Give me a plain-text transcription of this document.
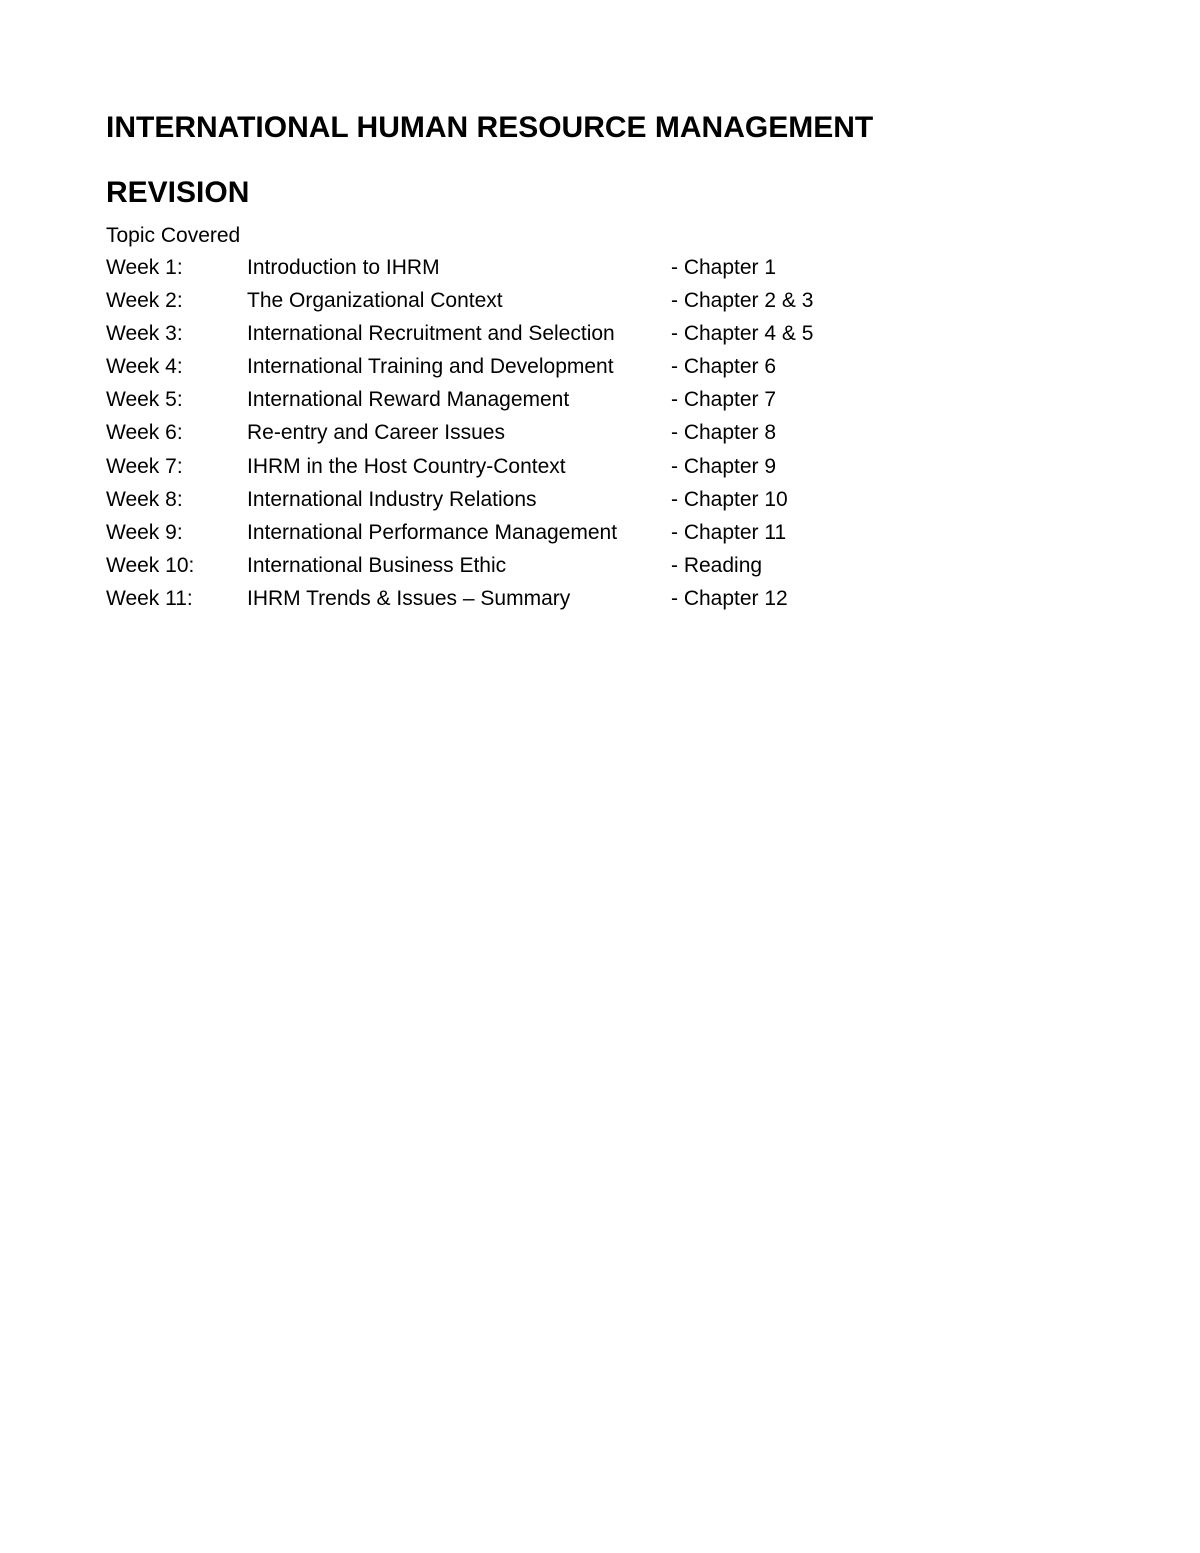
INTERNATIONAL HUMAN RESOURCE MANAGEMENT
REVISION
Topic Covered
Week 1:	Introduction to IHRM	- Chapter 1
Week 2:	The Organizational Context	- Chapter 2 & 3
Week 3:	International Recruitment and Selection	- Chapter 4 & 5
Week 4:	International Training and Development	- Chapter 6
Week 5:	International Reward Management	- Chapter 7
Week 6:	Re-entry and Career Issues	- Chapter 8
Week 7:	IHRM in the Host Country-Context	- Chapter 9
Week 8:	International Industry Relations	- Chapter 10
Week 9:	International Performance Management	- Chapter 11
Week 10:	International Business Ethic	- Reading
Week 11:	IHRM Trends & Issues – Summary	- Chapter 12
